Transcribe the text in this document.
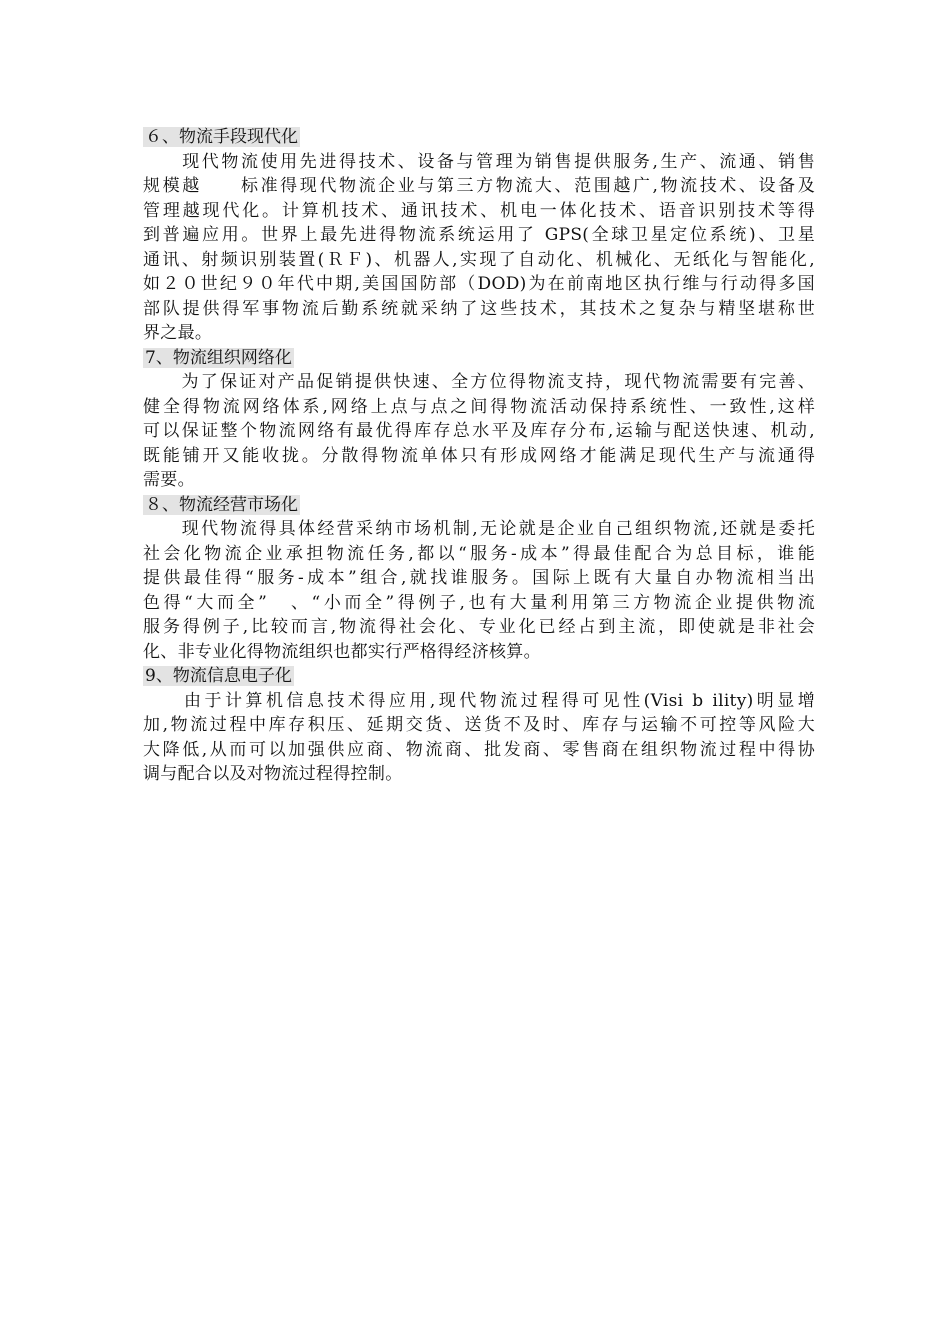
６、物流手段现代化
　　现代物流使用先进得技术、设备与管理为销售提供服务,生产、流通、销售
规模越　　标准得现代物流企业与第三方物流大、范围越广,物流技术、设备及
管理越现代化。计算机技术、通讯技术、机电一体化技术、语音识别技术等得
到普遍应用。世界上最先进得物流系统运用了 GPS(全球卫星定位系统)、卫星
通讯、射频识别装置(ＲＦ)、机器人,实现了自动化、机械化、无纸化与智能化,
如２０世纪９０年代中期,美国国防部（DOD)为在前南地区执行维与行动得多国
部队提供得军事物流后勤系统就采纳了这些技术，其技术之复杂与精坚堪称世
界之最。
7、物流组织网络化
　　为了保证对产品促销提供快速、全方位得物流支持，现代物流需要有完善、
健全得物流网络体系,网络上点与点之间得物流活动保持系统性、一致性,这样
可以保证整个物流网络有最优得库存总水平及库存分布,运输与配送快速、机动,
既能铺开又能收拢。分散得物流单体只有形成网络才能满足现代生产与流通得
需要。
８、物流经营市场化
　　现代物流得具体经营采纳市场机制,无论就是企业自己组织物流,还就是委托
社会化物流企业承担物流任务,都以“服务-成本”得最佳配合为总目标，谁能
提供最佳得“服务-成本”组合,就找谁服务。国际上既有大量自办物流相当出
色得“大而全”　、“小而全”得例子,也有大量利用第三方物流企业提供物流
服务得例子,比较而言,物流得社会化、专业化已经占到主流，即使就是非社会
化、非专业化得物流组织也都实行严格得经济核算。
9、物流信息电子化
　　由于计算机信息技术得应用,现代物流过程得可见性(Visi b ility)明显增
加,物流过程中库存积压、延期交货、送货不及时、库存与运输不可控等风险大
大降低,从而可以加强供应商、物流商、批发商、零售商在组织物流过程中得协
调与配合以及对物流过程得控制。
